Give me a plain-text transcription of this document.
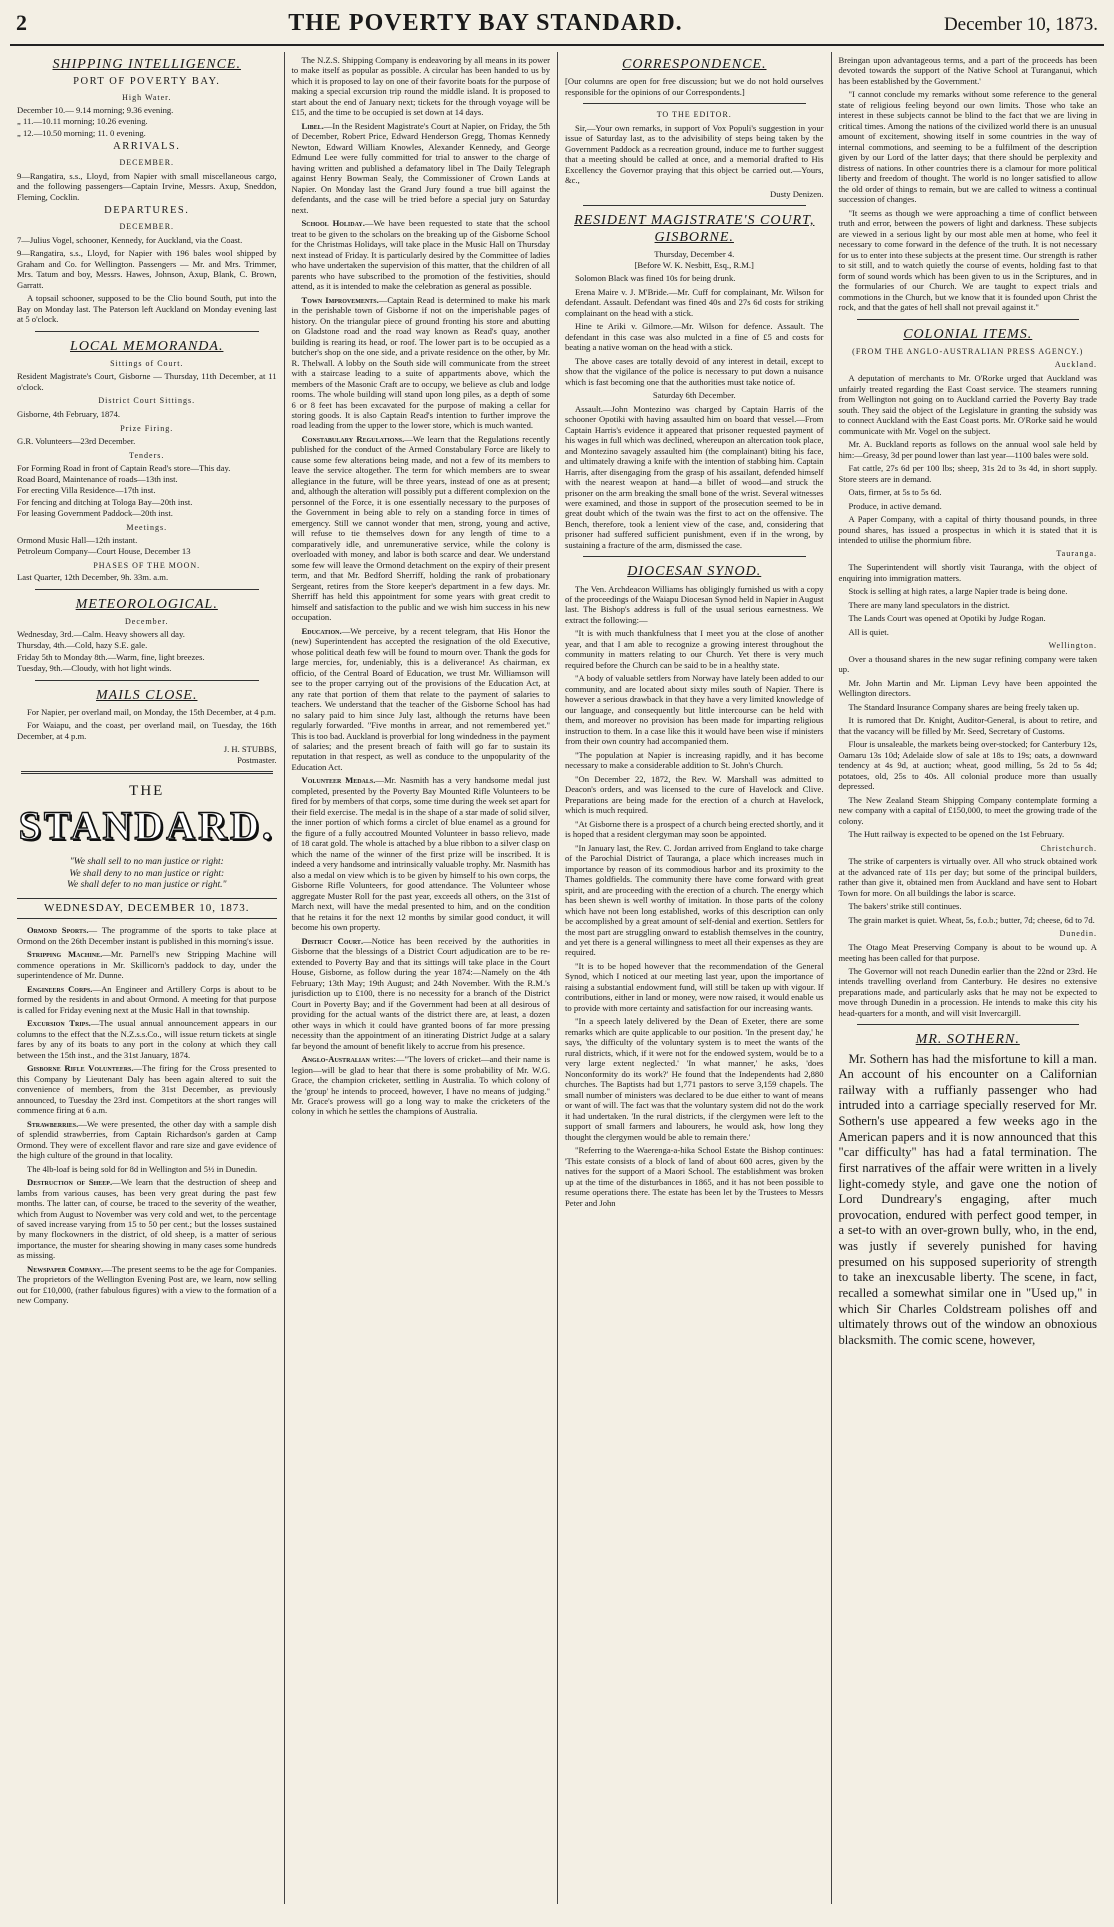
2	THE POVERTY BAY STANDARD.	December 10, 1873.
SHIPPING INTELLIGENCE.
PORT OF POVERTY BAY.
High Water.
December 10.— 9.14 morning; 9.36 evening.
„ 11.—10.11 morning; 10.26 evening.
„ 12.—10.50 morning; 11. 0 evening.
ARRIVALS.
DECEMBER.

9—Rangatira, s.s., Lloyd, from Napier with small miscellaneous cargo, and the following passengers—Captain Irvine, Messrs. Axup, Sneddon, Fleming, Cocklin.

DEPARTURES.
DECEMBER.

7—Julius Vogel, schooner, Kennedy, for Auckland, via the Coast.

9—Rangatira, s.s., Lloyd, for Napier with 196 bales wool shipped by Graham and Co. for Wellington. Passengers — Mr. and Mrs. Trimmer, Mrs. Tatum and boy, Messrs. Hawes, Johnson, Axup, Blank, C. Brown, Garratt.

A topsail schooner, supposed to be the Clio bound South, put into the Bay on Monday last. The Paterson left Auckland on Monday evening last at 5 o'clock.

LOCAL MEMORANDA.
Sittings of Court.

Resident Magistrate's Court, Gisborne — Thursday, 11th December, at 11 o'clock.

District Court Sittings.

Gisborne, 4th February, 1874.

Prize Firing.

G.R. Volunteers—23rd December.

Tenders.
For Forming Road in front of Captain Read's store—This day.
Road Board, Maintenance of roads—13th inst.
For erecting Villa Residence—17th inst.
For fencing and ditching at Tologa Bay—20th inst.
For leasing Government Paddock—20th inst.
Meetings.
Ormond Music Hall—12th instant.
Petroleum Company—Court House, December 13
PHASES OF THE MOON.
Last Quarter, 12th December, 9h. 33m. a.m.
METEOROLOGICAL.
December.
Wednesday, 3rd.—Calm. Heavy showers all day.
Thursday, 4th.—Cold, hazy S.E. gale.
Friday 5th to Monday 8th.—Warm, fine, light breezes.
Tuesday, 9th.—Cloudy, with hot light winds.
MAILS CLOSE.

For Napier, per overland mail, on Monday, the 15th December, at 4 p.m.

For Waiapu, and the coast, per overland mail, on Tuesday, the 16th December, at 4 p.m.

J. H. STUBBS,
Postmaster.
THE
STANDARD.
"We shall sell to no man justice or right:
We shall deny to no man justice or right:
We shall defer to no man justice or right."
WEDNESDAY, DECEMBER 10, 1873.

Ormond Sports.— The programme of the sports to take place at Ormond on the 26th December instant is published in this morning's issue.

Stripping Machine.—Mr. Parnell's new Stripping Machine will commence operations in Mr. Skillicorn's paddock to day, under the superintendence of Mr. Dunne.

Engineers Corps.—An Engineer and Artillery Corps is about to be formed by the residents in and about Ormond. A meeting for that purpose is called for Friday evening next at the Music Hall in that township.

Excursion Trips.—The usual annual announcement appears in our columns to the effect that the N.Z.s.s.Co., will issue return tickets at single fares by any of its boats to any port in the colony at which they call between the 15th inst., and the 31st January, 1874.

Gisborne Rifle Volunteers.—The firing for the Cross presented to this Company by Lieutenant Daly has been again altered to suit the convenience of members, from the 31st December, as previously announced, to Tuesday the 23rd inst. Competitors at the short ranges will commence firing at 6 a.m.

Strawberries.—We were presented, the other day with a sample dish of splendid strawberries, from Captain Richardson's garden at Camp Ormond. They were of excellent flavor and rare size and gave evidence of the high culture of the ground in that locality.

The 4lb-loaf is being sold for 8d in Wellington and 5½ in Dunedin.

Destruction of Sheep.—We learn that the destruction of sheep and lambs from various causes, has been very great during the past few months. The latter can, of course, be traced to the severity of the weather, which from August to November was very cold and wet, to the percentage of saved increase varying from 15 to 50 per cent.; but the losses sustained by many flockowners in the district, of old sheep, is a matter of serious importance, the muster for shearing showing in many cases some hundreds as missing.

Newspaper Company.—The present seems to be the age for Companies. The proprietors of the Wellington Evening Post are, we learn, now selling out for £10,000, (rather fabulous figures) with a view to the formation of a new Company.

The N.Z.S. Shipping Company is endeavoring by all means in its power to make itself as popular as possible. A circular has been handed to us by which it is proposed to lay on one of their favorite boats for the purpose of making a special excursion trip round the middle island. It is proposed to start about the end of January next; tickets for the through voyage will be £15, and the time to be occupied is set down at 14 days.

Libel.—In the Resident Magistrate's Court at Napier, on Friday, the 5th of December, Robert Price, Edward Henderson Gregg, Thomas Kennedy Newton, Edward William Knowles, Alexander Kennedy, and George Edmund Lee were fully committed for trial to answer to the charge of having written and published a defamatory libel in The Daily Telegraph against Henry Bowman Sealy, the Commissioner of Crown Lands at Napier. On Monday last the Grand Jury found a true bill against the defendants, and the case will be tried before a special jury on Saturday next.

School Holiday.—We have been requested to state that the school treat to be given to the scholars on the breaking up of the Gisborne School for the Christmas Holidays, will take place in the Music Hall on Thursday next instead of Friday. It is particularly desired by the Committee of ladies who have undertaken the supervision of this matter, that the children of all parents who have subscribed to the promotion of the festivities, should attend, as it is intended to make the celebration as general as possible.

Town Improvements.—Captain Read is determined to make his mark in the perishable town of Gisborne if not on the imperishable pages of history. On the triangular piece of ground fronting his store and abutting on Gladstone road and the road way known as Read's quay, another building is rearing its head, or roof. The lower part is to be occupied as a butcher's shop on the one side, and a private residence on the other, by Mr. R. Thelwall. A lobby on the South side will communicate from the street with a staircase leading to a suite of appartments above, which the members of the Masonic Craft are to occupy, we believe as club and lodge rooms. The whole building will stand upon long piles, as a depth of some 6 or 8 feet has been excavated for the purpose of making a cellar for storing goods. It is also Captain Read's intention to further improve the road leading from the upper to the lower store, which is much wanted.

Constabulary Regulations.—We learn that the Regulations recently published for the conduct of the Armed Constabulary Force are likely to cause some few alterations being made, and not a few of its members to leave the service altogether. The term for which members are to swear allegiance in the future, will be three years, instead of one as at present; and, although the alteration will possibly put a different complexion on the personnel of the Force, it is one essentially necessary to the purposes of the Government in being able to rely on a standing force in times of emergency. Still we cannot wonder that men, strong, young and active, will refuse to tie themselves down for any length of time to a comparatively idle, and unremunerative service, while the colony is overloaded with money, and labor is both scarce and dear. We understand some few will leave the Ormond detachment on the expiry of their present term, and that Mr. Bedford Sherriff, holding the rank of probationary Sergeant, retires from the Store keeper's department in a few days. Mr. Sherriff has held this appointment for some years with great credit to himself and satisfaction to the public and we wish him success in his new occupation.

Education.—We perceive, by a recent telegram, that His Honor the (new) Superintendent has accepted the resignation of the old Executive, whose political death few will be found to mourn over. Thank the gods for large mercies, for, undeniably, this is a deliverance! As chairman, ex officio, of the Central Board of Education, we trust Mr. Williamson will see to the proper carrying out of the provisions of the Education Act, at any rate that portion of them that relate to the payment of salaries to teachers. We understand that the teacher of the Gisborne School has had no salary paid to him since July last, although the returns have been regularly forwarded. "Five months in arrear, and not remembered yet." This is too bad. Auckland is proverbial for long windedness in the payment of salaries; and the present breach of faith will go far to sustain its reputation in that respect, as well as conduce to the unpopularity of the Education Act.

Volunteer Medals.—Mr. Nasmith has a very handsome medal just completed, presented by the Poverty Bay Mounted Rifle Volunteers to be fired for by members of that corps, some time during the week set apart for their field exercise. The medal is in the shape of a star made of solid silver, the inner portion of which forms a circlet of blue enamel as a ground for the figure of a fully accoutred Mounted Volunteer in basso relievo, made of 18 carat gold. The whole is attached by a blue ribbon to a silver clasp on which the name of the winner of the first prize will be inscribed. It is indeed a very handsome and intrinsically valuable trophy. Mr. Nasmith has also a medal on view which is to be given by himself to his own corps, the Gisborne Rifle Volunteers, for good attendance. The Volunteer whose aggregate Muster Roll for the past year, exceeds all others, on the 31st of March next, will have the medal presented to him, and on the condition that he retains it for the next 12 months by similar good conduct, it will become his own property.

District Court.—Notice has been received by the authorities in Gisborne that the blessings of a District Court adjudication are to be re-extended to Poverty Bay and that its sittings will take place in the Court House, Gisborne, as follow during the year 1874:—Namely on the 4th February; 13th May; 19th August; and 24th November. With the R.M.'s jurisdiction up to £100, there is no necessity for a branch of the District Court in Poverty Bay; and if the Government had been at all desirous of providing for the actual wants of the district there are, at least, a dozen other ways in which it could have granted boons of far more pressing necessity than the appointment of an itinerating District Judge at a salary far beyond the amount of benefit likely to accrue from his presence.

Anglo-Australian writes:—"The lovers of cricket—and their name is legion—will be glad to hear that there is some probability of Mr. W.G. Grace, the champion cricketer, settling in Australia. To which colony of the 'group' he intends to proceed, however, I have no means of judging." Mr. Grace's prowess will go a long way to make the cricketers of the colony in which he settles the champions of Australia.

CORRESPONDENCE.

[Our columns are open for free discussion; but we do not hold ourselves responsible for the opinions of our Correspondents.]

TO THE EDITOR.

Sir,—Your own remarks, in support of Vox Populi's suggestion in your issue of Saturday last, as to the advisibility of steps being taken by the Government Paddock as a recreation ground, induce me to further suggest that a meeting should be called at once, and a memorial drafted to His Excellency the Governor praying that this object be carried out.—Yours, &c.,

Dusty Denizen.
RESIDENT MAGISTRATE'S COURT, GISBORNE.
Thursday, December 4.
[Before W. K. Nesbitt, Esq., R.M.]

Solomon Black was fined 10s for being drunk.

Erena Maire v. J. M'Bride.—Mr. Cuff for complainant, Mr. Wilson for defendant. Assault. Defendant was fined 40s and 27s 6d costs for striking complainant on the head with a stick.

Hine te Ariki v. Gilmore.—Mr. Wilson for defence. Assault. The defendant in this case was also mulcted in a fine of £5 and costs for beating a native woman on the head with a stick.

The above cases are totally devoid of any interest in detail, except to show that the vigilance of the police is necessary to put down a nuisance which is fast becoming one that the authorities must take notice of.

Saturday 6th December.

Assault.—John Montezino was charged by Captain Harris of the schooner Opotiki with having assaulted him on board that vessel.—From Captain Harris's evidence it appeared that prisoner requested payment of his wages in full which was declined, whereupon an altercation took place, and Montezino savagely assaulted him (the complainant) biting his face, and ultimately drawing a knife with the intention of stabbing him. Captain Harris, after disengaging from the grasp of his assailant, defended himself with the nearest weapon at hand—a billet of wood—and struck the prisoner on the arm breaking the small bone of the wrist. Several witnesses were examined, and those in support of the prosecution seemed to be in great doubt which of the twain was the first to act on the offensive. The Bench, therefore, took a lenient view of the case, and, considering that prisoner had suffered sufficient punishment, even if in the wrong, by sustaining a fracture of the arm, dismissed the case.

DIOCESAN SYNOD.

The Ven. Archdeacon Williams has obligingly furnished us with a copy of the proceedings of the Waiapu Diocesan Synod held in Napier in August last. The Bishop's address is full of the usual serious earnestness. We extract the following:—

"It is with much thankfulness that I meet you at the close of another year, and that I am able to recognize a growing interest throughout the community in matters relating to our Church. Yet there is very much required before the Church can be said to be in a healthy state.

"A body of valuable settlers from Norway have lately been added to our community, and are located about sixty miles south of Napier. There is however a serious drawback in that they have a very limited knowledge of our language, and consequently but little intercourse can be held with them, and moreover no provision has been made for imparting religious instruction to them. In a case like this it would have been wise if ministers from their own country had accompanied them.

"The population at Napier is increasing rapidly, and it has become necessary to make a considerable addition to St. John's Church.

"On December 22, 1872, the Rev. W. Marshall was admitted to Deacon's orders, and was licensed to the cure of Havelock and Clive. Preparations are being made for the erection of a church at Havelock, which is much required.

"At Gisborne there is a prospect of a church being erected shortly, and it is hoped that a resident clergyman may soon be appointed.

"In January last, the Rev. C. Jordan arrived from England to take charge of the Parochial District of Tauranga, a place which increases much in importance by reason of its commodious harbor and its proximity to the Thames goldfields. The community there have come forward with great spirit, and are proceeding with the erection of a church. The energy which has been shewn is well worthy of imitation. In those parts of the colony which have not been long established, works of this description can only be accomplished by a great amount of self-denial and exertion. Settlers for the most part are struggling onward to establish themselves in the country, and yet there is a general willingness to meet all their expenses as they are required.

"It is to be hoped however that the recommendation of the General Synod, which I noticed at our meeting last year, upon the importance of raising a substantial endowment fund, will still be taken up with vigour. If contributions, either in land or money, were now raised, it would enable us to provide with more certainty and satisfaction for our increasing wants.

"In a speech lately delivered by the Dean of Exeter, there are some remarks which are quite applicable to our position. 'In the present day,' he says, 'the difficulty of the voluntary system is to meet the wants of the rural districts, which, if it were not for the endowed system, would be to a very large extent neglected.' 'In what manner,' he asks, 'does Nonconformity do its work?' He found that the Independents had 2,880 churches. The Baptists had but 1,771 pastors to serve 3,159 chapels. The small number of ministers was declared to be due either to want of means or want of will. The fact was that the voluntary system did not do the work it had undertaken. 'In the rural districts, if the clergymen were left to the support of small farmers and labourers, he would ask, how long they thought the clergymen would be able to remain there.'

"Referring to the Waerenga-a-hika School Estate the Bishop continues: 'This estate consists of a block of land of about 600 acres, given by the natives for the support of a Maori School. The establishment was broken up at the time of the disturbances in 1865, and it has not been possible to resume operations there. The estate has been let by the Trustees to Messrs Peter and John

Breingan upon advantageous terms, and a part of the proceeds has been devoted towards the support of the Native School at Turanganui, which has been established by the Government.'

"I cannot conclude my remarks without some reference to the general state of religious feeling beyond our own limits. Those who take an interest in these subjects cannot be blind to the fact that we are living in critical times. Among the nations of the civilized world there is an unusual amount of excitement, showing itself in some countries in the way of internal commotions, and seeming to be a fulfilment of the description given by our Lord of the latter days; that there should be perplexity and distress of nations. In other countries there is a clamour for more political liberty and freedom of thought. The world is no longer satisfied to allow the old order of things to remain, but we are called to witness a continual succession of changes.

"It seems as though we were approaching a time of conflict between truth and error, between the powers of light and darkness. These subjects are viewed in a serious light by our most able men at home, who feel it necessary to come forward in the defence of the truth. It is not necessary for us to enter into these subjects at the present time. Our strength is rather to sit still, and to watch quietly the course of events, holding fast to that form of sound words which has been given to us in the Scriptures, and in the formularies of our Church. We are taught to expect trials and commotions in the Church, but we know that it is founded upon Christ the rock, and that the gates of hell shall not prevail against it."

COLONIAL ITEMS.
(FROM THE ANGLO-AUSTRALIAN PRESS AGENCY.)
Auckland.

A deputation of merchants to Mr. O'Rorke urged that Auckland was unfairly treated regarding the East Coast service. The steamers running from Wellington not going on to Auckland carried the Poverty Bay trade south. They said the object of the Legislature in granting the subsidy was to connect Auckland with the East Coast ports. Mr. O'Rorke said he would communicate with Mr. Vogel on the subject.

Mr. A. Buckland reports as follows on the annual wool sale held by him:—Greasy, 3d per pound lower than last year—1100 bales were sold.

Fat cattle, 27s 6d per 100 lbs; sheep, 31s 2d to 3s 4d, in short supply. Store steers are in demand.

Oats, firmer, at 5s to 5s 6d.

Produce, in active demand.

A Paper Company, with a capital of thirty thousand pounds, in three pound shares, has issued a prospectus in which it is stated that it is intended to utilise the phormium fibre.

Tauranga.

The Superintendent will shortly visit Tauranga, with the object of enquiring into immigration matters.

Stock is selling at high rates, a large Napier trade is being done.

There are many land speculators in the district.

The Lands Court was opened at Opotiki by Judge Rogan.

All is quiet.

Wellington.

Over a thousand shares in the new sugar refining company were taken up.

Mr. John Martin and Mr. Lipman Levy have been appointed the Wellington directors.

The Standard Insurance Company shares are being freely taken up.

It is rumored that Dr. Knight, Auditor-General, is about to retire, and that the vacancy will be filled by Mr. Seed, Secretary of Customs.

Flour is unsaleable, the markets being over-stocked; for Canterbury 12s, Oamaru 13s 10d; Adelaide slow of sale at 18s to 19s; oats, a downward tendency at 4s 9d, at auction; wheat, good milling, 5s 2d to 5s 4d; potatoes, old, 25s to 40s. All colonial produce more than usually depressed.

The New Zealand Steam Shipping Company contemplate forming a new company with a capital of £150,000, to meet the growing trade of the colony.

The Hutt railway is expected to be opened on the 1st February.

Christchurch.

The strike of carpenters is virtually over. All who struck obtained work at the advanced rate of 11s per day; but some of the principal builders, rather than give it, obtained men from Auckland and have sent to Hobart Town for more. On all buildings the labor is scarce.

The bakers' strike still continues.

The grain market is quiet. Wheat, 5s, f.o.b.; butter, 7d; cheese, 6d to 7d.

Dunedin.

The Otago Meat Preserving Company is about to be wound up. A meeting has been called for that purpose.

The Governor will not reach Dunedin earlier than the 22nd or 23rd. He intends travelling overland from Canterbury. He desires no extensive preparations made, and particularly asks that he may not be expected to move through Dunedin in a procession. He intends to make this city his head-quarters for a month, and will visit Invercargill.

MR. SOTHERN.

Mr. Sothern has had the misfortune to kill a man. An account of his encounter on a Californian railway with a ruffianly passenger who had intruded into a carriage specially reserved for Mr. Sothern's use appeared a few weeks ago in the American papers and it is now announced that this "car difficulty" has had a fatal termination. The first narratives of the affair were written in a lively light-comedy style, and gave one the notion of Lord Dundreary's engaging, after much provocation, endured with perfect good temper, in a set-to with an over-grown bully, who, in the end, was justly if severely punished for having presumed on his supposed superiority of strength to take an inexcusable liberty. The scene, in fact, recalled a somewhat similar one in "Used up," in which Sir Charles Coldstream polishes off and ultimately throws out of the window an obnoxious blacksmith. The comic scene, however,
